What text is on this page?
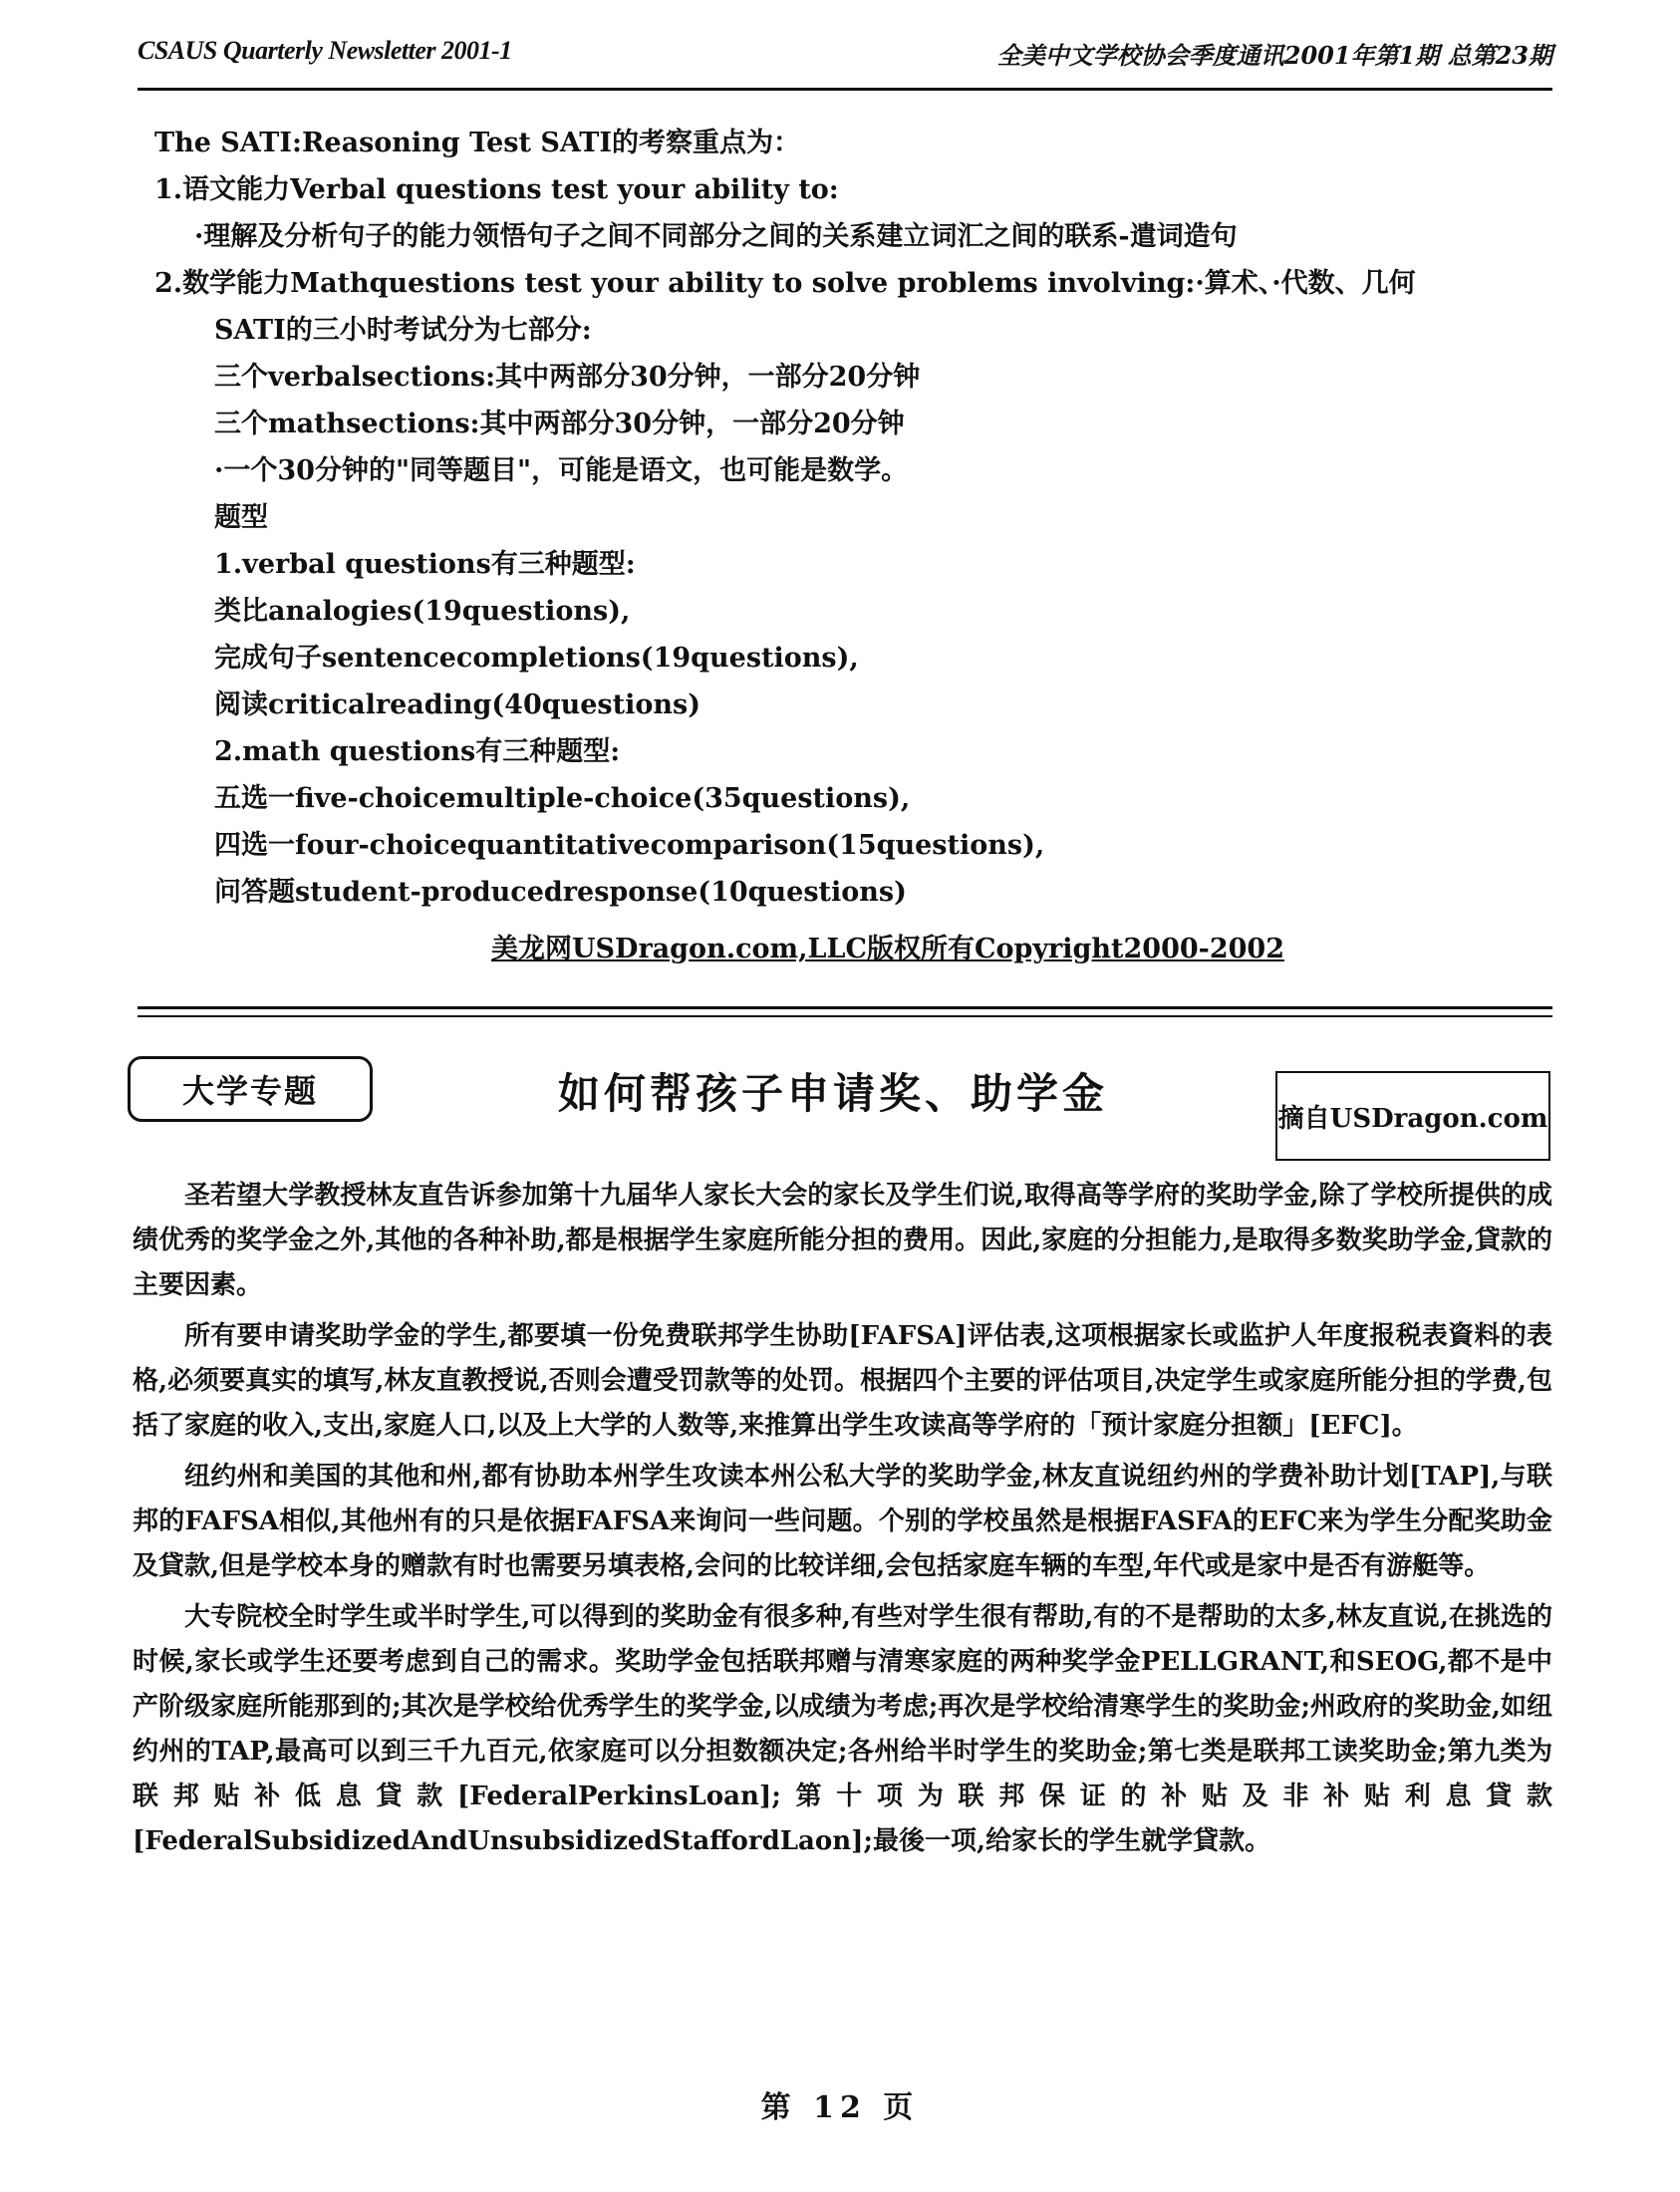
CSAUS Quarterly Newsletter 2001-1	全美中文学校协会季度通讯2001年第1期 总第23期
The SATI:Reasoning Test SATI的考察重点为：
1.语文能力Verbal questions test your ability to:
·理解及分析句子的能力领悟句子之间不同部分之间的关系建立词汇之间的联系-遣词造句
2.数学能力Mathquestions test your ability to solve problems involving:·算术、·代数、几何
SATI的三小时考试分为七部分:
三个verbalsections:其中两部分30分钟，一部分20分钟
三个mathsections:其中两部分30分钟，一部分20分钟
·一个30分钟的"同等题目"，可能是语文，也可能是数学。
题型
1.verbal questions有三种题型:
类比analogies(19questions),
完成句子sentencecompletions(19questions),
阅读criticalreading(40questions)
2.math questions有三种题型:
五选一five-choicemultiple-choice(35questions),
四选一four-choicequantitativecomparison(15questions),
问答题student-producedresponse(10questions)
美龙网USDragon.com,LLC版权所有Copyright2000-2002
大学专题	如何帮孩子申请奖、助学金
摘自USDragon.com

圣若望大学教授林友直告诉参加第十九届华人家长大会的家长及学生们说,取得高等学府的奖助学金,除了学校所提供的成绩优秀的奖学金之外,其他的各种补助,都是根据学生家庭所能分担的费用。因此,家庭的分担能力,是取得多数奖助学金,貸款的主要因素。

所有要申请奖助学金的学生,都要填一份免费联邦学生协助[FAFSA]评估表,这项根据家长或监护人年度报税表資料的表格,必须要真实的填写,林友直教授说,否则会遭受罚款等的处罚。根据四个主要的评估项目,决定学生或家庭所能分担的学费,包括了家庭的收入,支出,家庭人口,以及上大学的人数等,来推算出学生攻读高等学府的「预计家庭分担额」[EFC]。

纽约州和美国的其他和州,都有协助本州学生攻读本州公私大学的奖助学金,林友直说纽约州的学费补助计划[TAP],与联邦的FAFSA相似,其他州有的只是依据FAFSA来询问一些问题。个别的学校虽然是根据FASFA的EFC来为学生分配奖助金及貸款,但是学校本身的赠款有时也需要另填表格,会问的比较详细,会包括家庭车辆的车型,年代或是家中是否有游艇等。

大专院校全时学生或半时学生,可以得到的奖助金有很多种,有些对学生很有帮助,有的不是帮助的太多,林友直说,在挑选的时候,家长或学生还要考虑到自己的需求。奖助学金包括联邦赠与清寒家庭的两种奖学金PELLGRANT,和SEOG,都不是中产阶级家庭所能那到的;其次是学校给优秀学生的奖学金,以成绩为考虑;再次是学校给清寒学生的奖助金;州政府的奖助金,如纽约州的TAP,最高可以到三千九百元,依家庭可以分担数额决定;各州给半时学生的奖助金;第七类是联邦工读奖助金;第九类为联邦贴补低息貸款[FederalPerkinsLoan];第十项为联邦保证的补贴及非补贴利息貸款[FederalSubsidizedAndUnsubsidizedStaffordLaon];最後一项,给家长的学生就学貸款。

第 12 页
